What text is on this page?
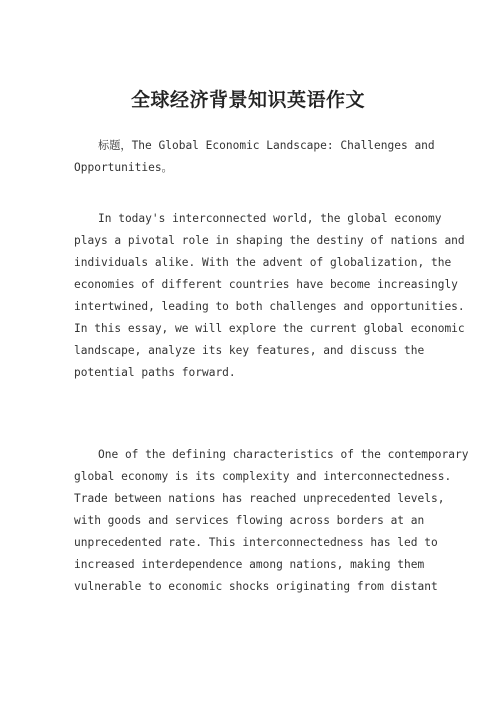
全球经济背景知识英语作文

标题，The Global Economic Landscape: Challenges and
Opportunities。

In today's interconnected world, the global economy
plays a pivotal role in shaping the destiny of nations and
individuals alike. With the advent of globalization, the
economies of different countries have become increasingly
intertwined, leading to both challenges and opportunities.
In this essay, we will explore the current global economic
landscape, analyze its key features, and discuss the
potential paths forward.

One of the defining characteristics of the contemporary
global economy is its complexity and interconnectedness.
Trade between nations has reached unprecedented levels,
with goods and services flowing across borders at an
unprecedented rate. This interconnectedness has led to
increased interdependence among nations, making them
vulnerable to economic shocks originating from distant
